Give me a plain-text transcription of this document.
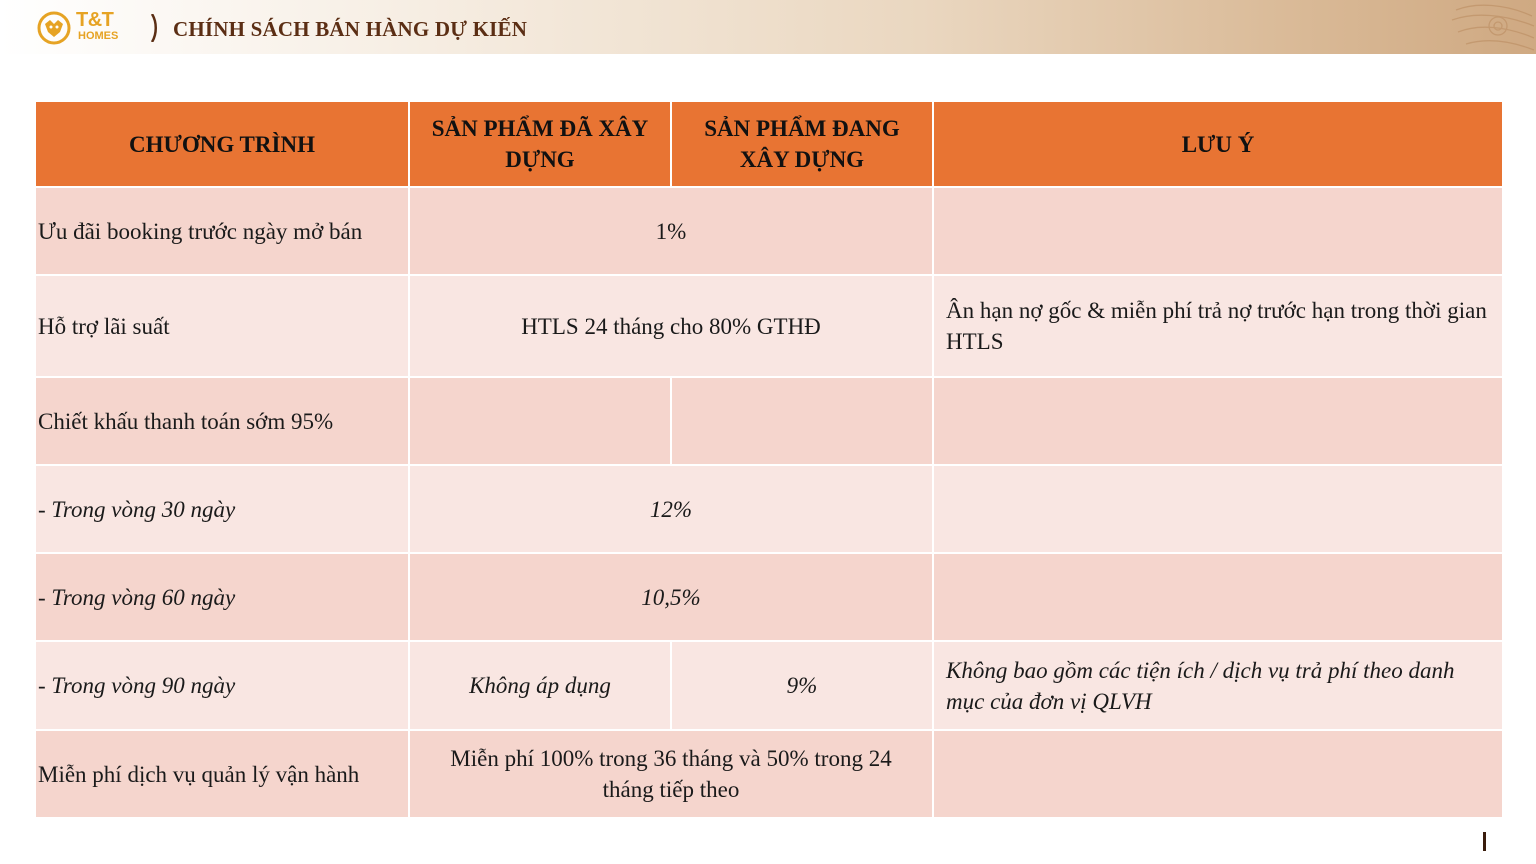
T&T
HOMES	CHÍNH SÁCH BÁN HÀNG DỰ KIẾN
CHƯƠNG TRÌNH	SẢN PHẨM ĐÃ XÂY DỰNG	SẢN PHẨM ĐANG XÂY DỰNG	LƯU Ý
Ưu đãi booking trước ngày mở bán	1%		
Hỗ trợ lãi suất	HTLS 24 tháng cho 80% GTHĐ		Ân hạn nợ gốc & miễn phí trả nợ trước hạn trong thời gian HTLS
Chiết khấu thanh toán sớm 95%			
- Trong vòng 30 ngày	12%		
- Trong vòng 60 ngày	10,5%		
- Trong vòng 90 ngày	Không áp dụng	9%	Không bao gồm các tiện ích / dịch vụ trả phí theo danh mục của đơn vị QLVH
Miễn phí dịch vụ quản lý vận hành	Miễn phí 100% trong 36 tháng và 50% trong 24 tháng tiếp theo		
